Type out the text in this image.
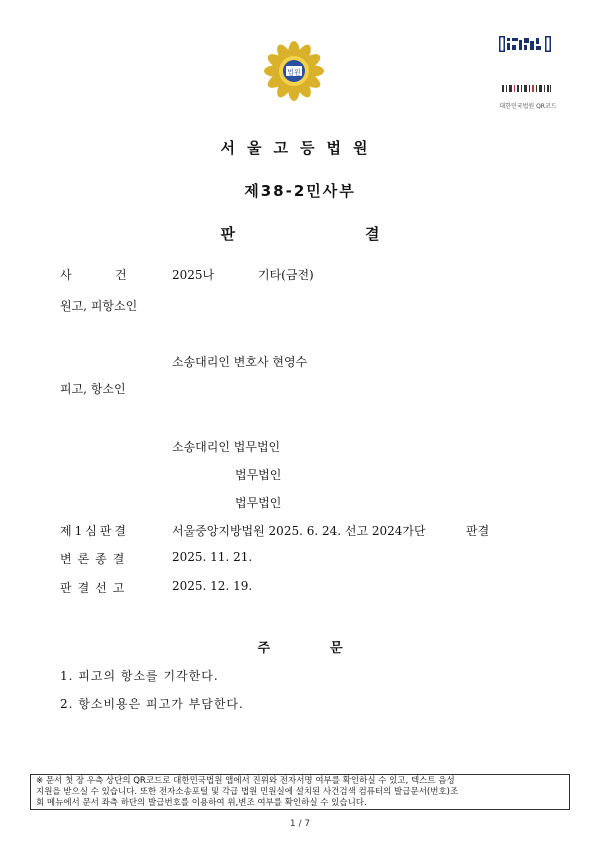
법원
대한민국법원 QR코드
서울고등법원
제38-2민사부
판	결
사	건	2025나	기타(금전)
원고, 피항소인
소송대리인 변호사 현영수
피고, 항소인
소송대리인 법무법인
법무법인
법무법인
제1심판결	서울중앙지방법원 2025. 6. 24. 선고 2024가단	판결
변론종결	2025. 11. 21.
판결선고	2025. 12. 19.
주	문
1. 피고의 항소를 기각한다.
2. 항소비용은 피고가 부담한다.
※ 문서 첫 장 우측 상단의 QR코드로 대한민국법원 앱에서 진위와 전자서명 여부를 확인하실 수 있고, 텍스트 음성
지원을 받으실 수 있습니다. 또한 전자소송포털 및 각급 법원 민원실에 설치된 사건검색 컴퓨터의 발급문서(번호)조
회 메뉴에서 문서 좌측 하단의 발급번호를 이용하여 위,변조 여부를 확인하실 수 있습니다.
1 / 7
